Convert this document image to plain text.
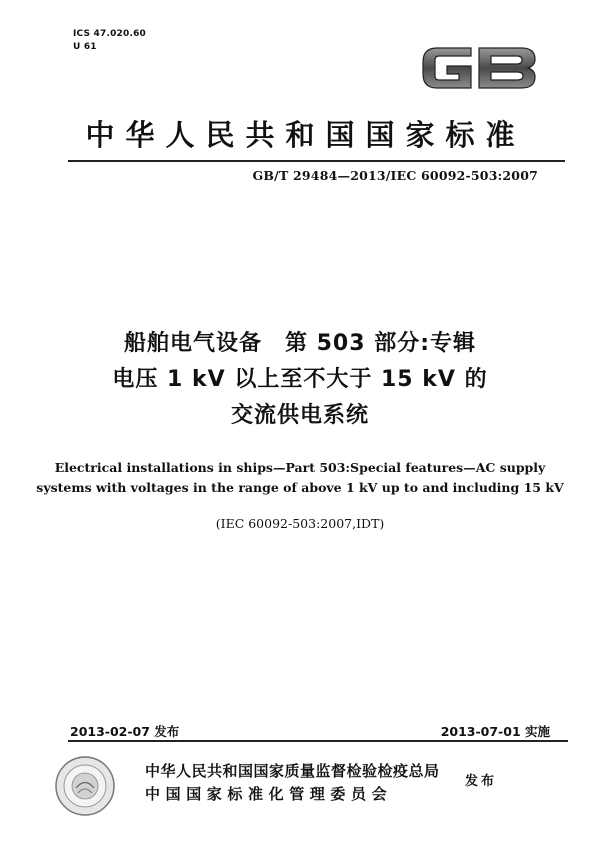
ICS 47.020.60
U 61
中华人民共和国国家标准
GB/T 29484—2013/IEC 60092-503:2007
船舶电气设备　第 503 部分:专辑
电压 1 kV 以上至不大于 15 kV 的
交流供电系统
Electrical installations in ships—Part 503:Special features—AC supply
systems with voltages in the range of above 1 kV up to and including 15 kV
(IEC 60092-503:2007,IDT)
2013-02-07 发布	2013-07-01 实施
中华人民共和国国家质量监督检验检疫总局
中国国家标准化管理委员会
发布
